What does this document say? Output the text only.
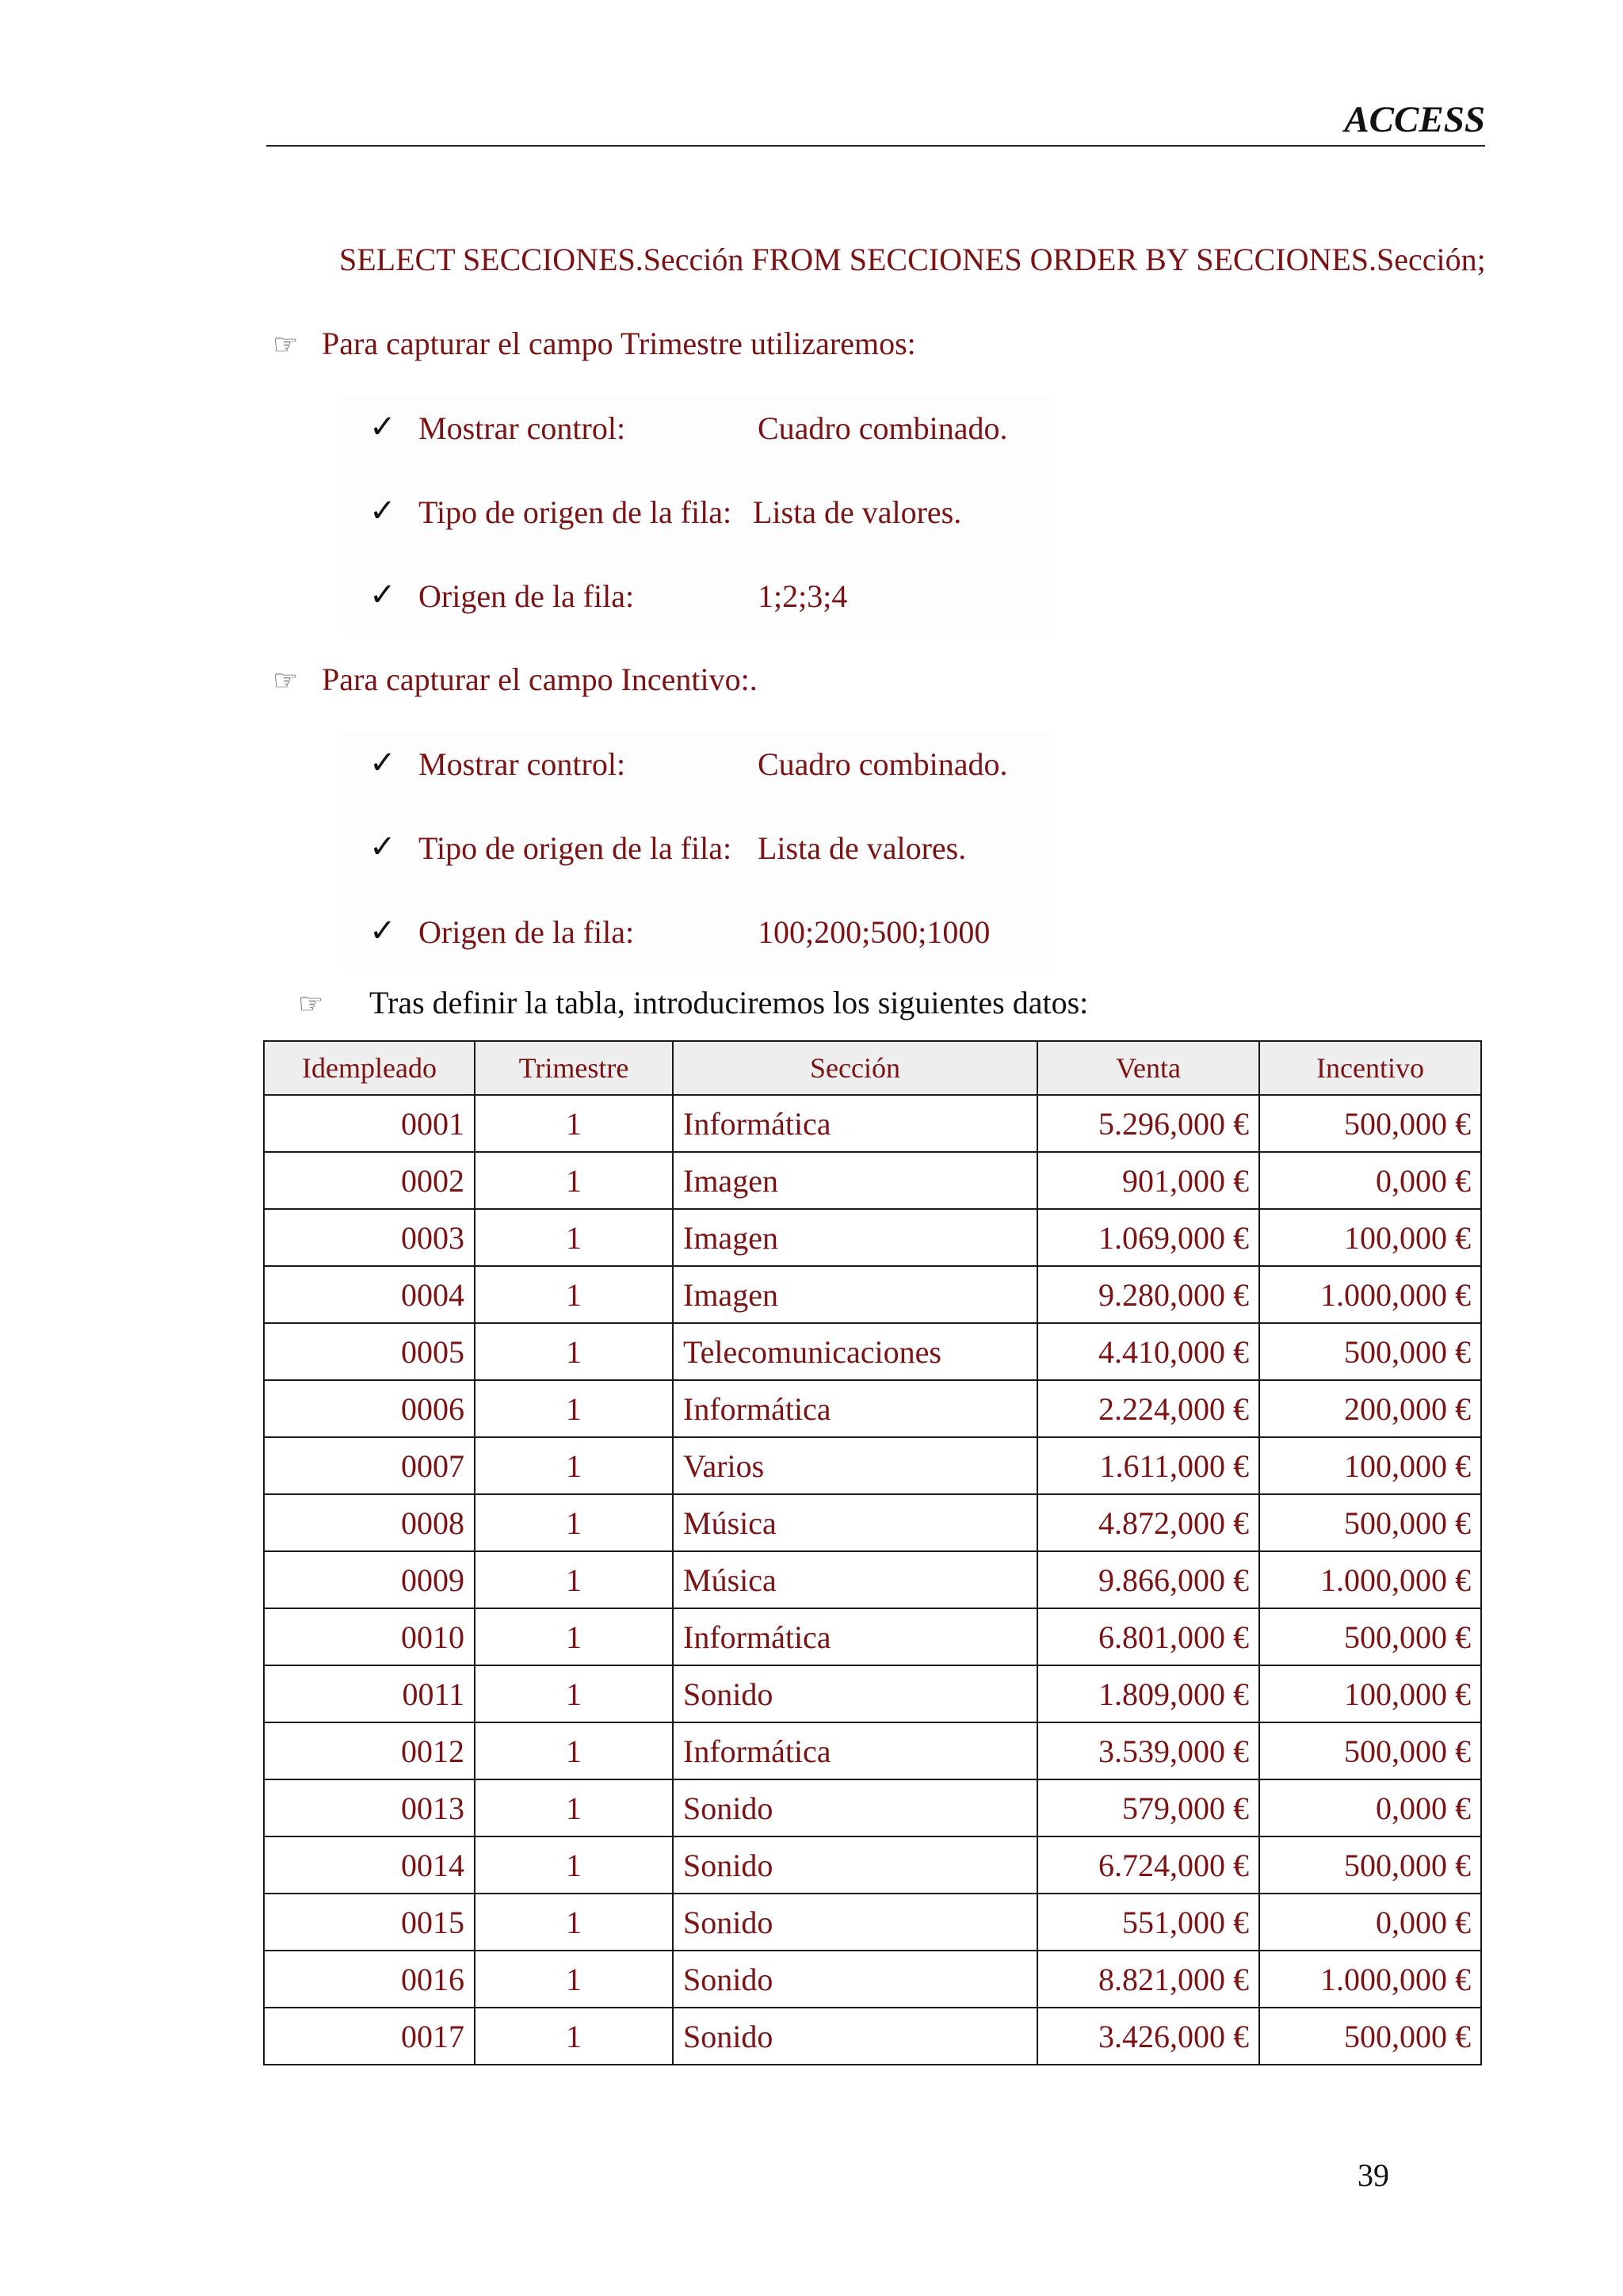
ACCESS
SELECT SECCIONES.Sección FROM SECCIONES ORDER BY SECCIONES.Sección;
☞ Para capturar el campo Trimestre utilizaremos:
✓ Mostrar control:	Cuadro combinado.
✓ Tipo de origen de la fila: Lista de valores.
✓ Origen de la fila:	1;2;3;4
☞ Para capturar el campo Incentivo:.
✓ Mostrar control:	Cuadro combinado.
✓ Tipo de origen de la fila: Lista de valores.
✓ Origen de la fila:	100;200;500;1000
☞ Tras definir la tabla, introduciremos los siguientes datos:
Idempleado	Trimestre	Sección	Venta	Incentivo
0001	1	Informática	5.296,000 €	500,000 €
0002	1	Imagen	901,000 €	0,000 €
0003	1	Imagen	1.069,000 €	100,000 €
0004	1	Imagen	9.280,000 €	1.000,000 €
0005	1	Telecomunicaciones	4.410,000 €	500,000 €
0006	1	Informática	2.224,000 €	200,000 €
0007	1	Varios	1.611,000 €	100,000 €
0008	1	Música	4.872,000 €	500,000 €
0009	1	Música	9.866,000 €	1.000,000 €
0010	1	Informática	6.801,000 €	500,000 €
0011	1	Sonido	1.809,000 €	100,000 €
0012	1	Informática	3.539,000 €	500,000 €
0013	1	Sonido	579,000 €	0,000 €
0014	1	Sonido	6.724,000 €	500,000 €
0015	1	Sonido	551,000 €	0,000 €
0016	1	Sonido	8.821,000 €	1.000,000 €
0017	1	Sonido	3.426,000 €	500,000 €
39
